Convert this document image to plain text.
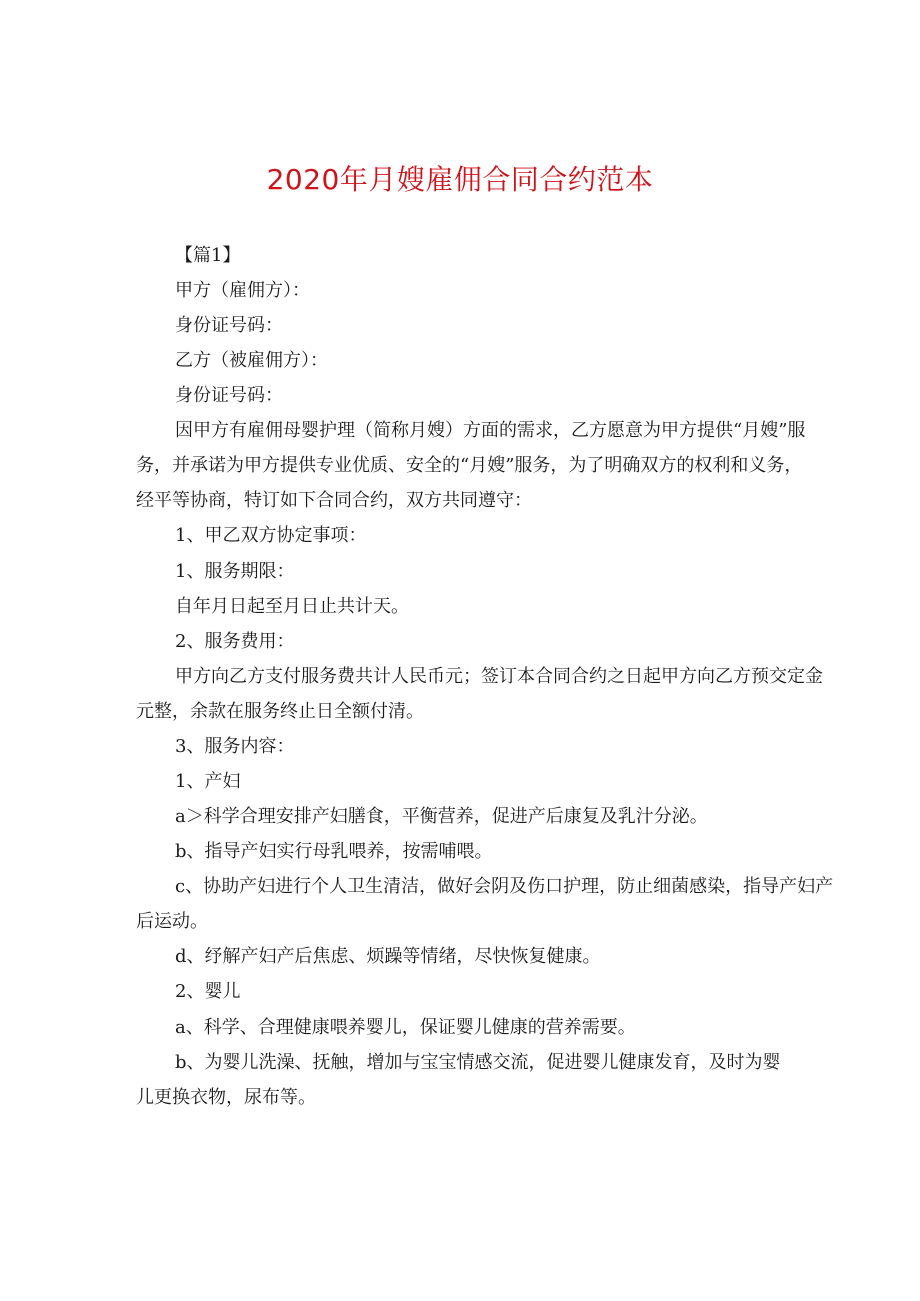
2020年月嫂雇佣合同合约范本
【篇1】
甲方（雇佣方）：
身份证号码：
乙方（被雇佣方）：
身份证号码：
因甲方有雇佣母婴护理（简称月嫂）方面的需求，乙方愿意为甲方提供“月嫂”服
务，并承诺为甲方提供专业优质、安全的“月嫂”服务，为了明确双方的权利和义务，
经平等协商，特订如下合同合约，双方共同遵守：
1、甲乙双方协定事项：
1、服务期限：
自年月日起至月日止共计天。
2、服务费用：
甲方向乙方支付服务费共计人民币元；签订本合同合约之日起甲方向乙方预交定金
元整，余款在服务终止日全额付清。
3、服务内容：
1、产妇
a＞科学合理安排产妇膳食，平衡营养，促进产后康复及乳汁分泌。
b、指导产妇实行母乳喂养，按需哺喂。
c、协助产妇进行个人卫生清洁，做好会阴及伤口护理，防止细菌感染，指导产妇产
后运动。
d、纾解产妇产后焦虑、烦躁等情绪，尽快恢复健康。
2、婴儿
a、科学、合理健康喂养婴儿，保证婴儿健康的营养需要。
b、为婴儿洗澡、抚触，增加与宝宝情感交流，促进婴儿健康发育，及时为婴
儿更换衣物，尿布等。
